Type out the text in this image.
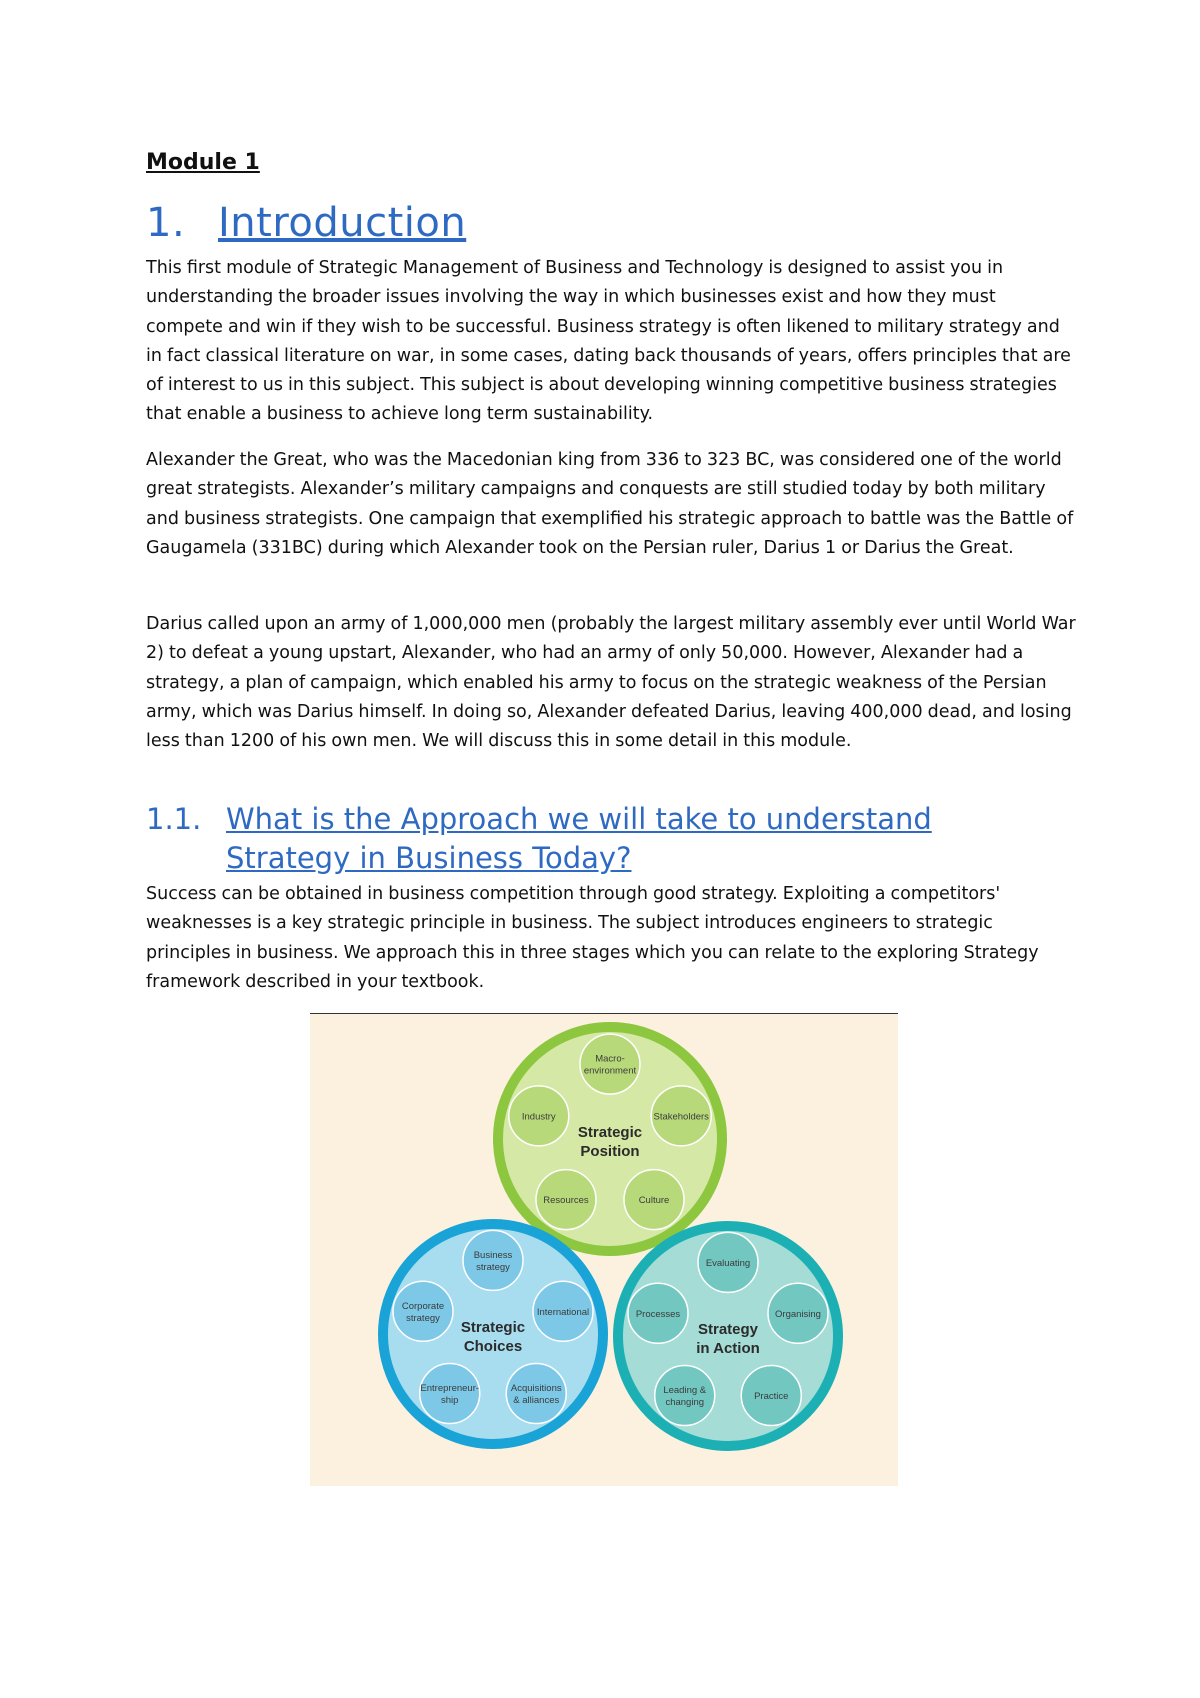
Module 1

1. Introduction

This first module of Strategic Management of Business and Technology is designed to assist you in understanding the broader issues involving the way in which businesses exist and how they must compete and win if they wish to be successful. Business strategy is often likened to military strategy and in fact classical literature on war, in some cases, dating back thousands of years, offers principles that are of interest to us in this subject. This subject is about developing winning competitive business strategies that enable a business to achieve long term sustainability.

Alexander the Great, who was the Macedonian king from 336 to 323 BC, was considered one of the world great strategists. Alexander’s military campaigns and conquests are still studied today by both military and business strategists. One campaign that exemplified his strategic approach to battle was the Battle of Gaugamela (331BC) during which Alexander took on the Persian ruler, Darius 1 or Darius the Great.

Darius called upon an army of 1,000,000 men (probably the largest military assembly ever until World War 2) to defeat a young upstart, Alexander, who had an army of only 50,000. However, Alexander had a strategy, a plan of campaign, which enabled his army to focus on the strategic weakness of the Persian army, which was Darius himself. In doing so, Alexander defeated Darius, leaving 400,000 dead, and losing less than 1200 of his own men. We will discuss this in some detail in this module.

1.1. What is the Approach we will take to understand
Strategy in Business Today?

Success can be obtained in business competition through good strategy. Exploiting a competitors' weaknesses is a key strategic principle in business. The subject introduces engineers to strategic principles in business. We approach this in three stages which you can relate to the exploring Strategy framework described in your textbook.

Macro-
environment
Stakeholders
Culture
Resources
Industry
Strategic
Position
Business
strategy
International
Acquisitions
& alliances
Entrepreneur-
ship
Corporate
strategy
Strategic
Choices
Evaluating
Organising
Practice
Leading &
changing
Processes
Strategy
in Action
